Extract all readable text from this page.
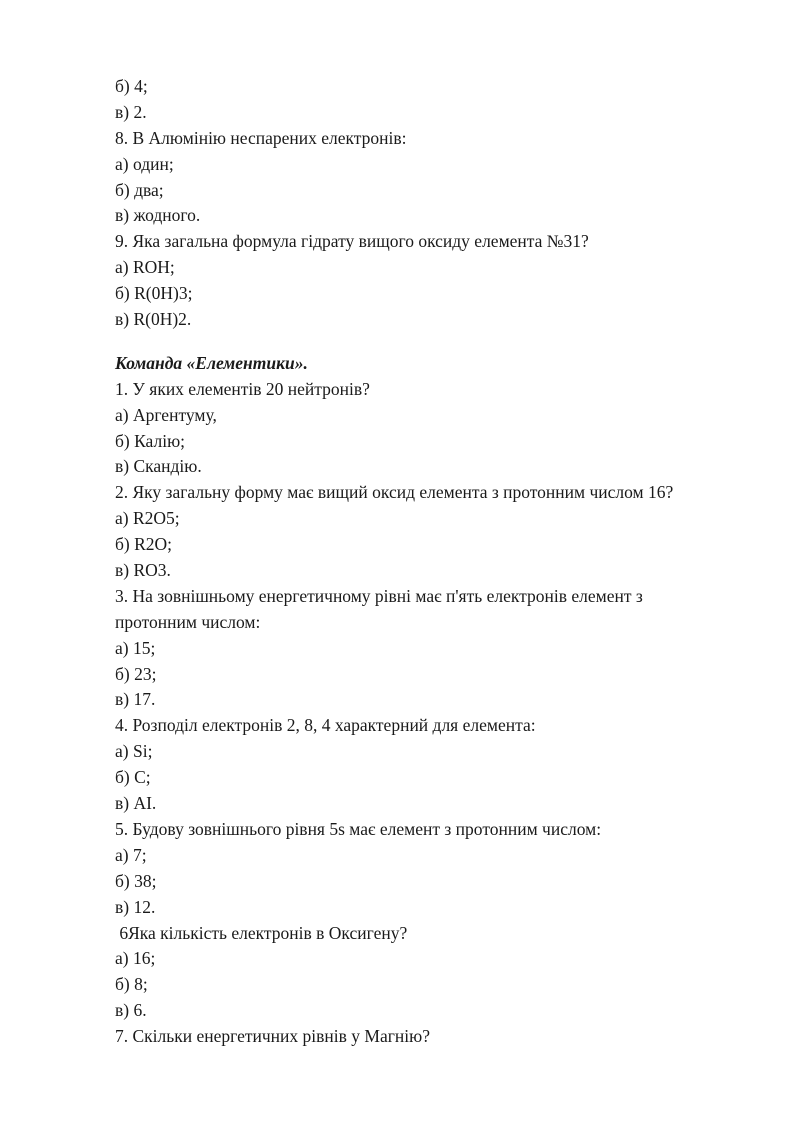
б) 4;
в) 2.
8. В Алюмінію неспарених електронів:
а) один;
б) два;
в) жодного.
9. Яка загальна формула гідрату вищого оксиду елемента №31?
а) ROH;
б) R(0H)3;
в) R(0H)2.
Команда «Елементики».
1. У яких елементів 20 нейтронів?
а) Аргентуму,
б) Калію;
в) Скандію.
2. Яку загальну форму має вищий оксид елемента з протонним числом 16?
а) R2O5;
б) R2O;
в) RO3.
3. На зовнішньому енергетичному рівні має п'ять електронів елемент з
протонним числом:
а) 15;
б) 23;
в) 17.
4. Розподіл електронів 2, 8, 4 характерний для елемента:
а) Si;
б) C;
в) AI.
5. Будову зовнішнього рівня 5s має елемент з протонним числом:
а) 7;
б) 38;
в) 12.
6Яка кількість електронів в Оксигену?
а) 16;
б) 8;
в) 6.
7. Скільки енергетичних рівнів у Магнію?
